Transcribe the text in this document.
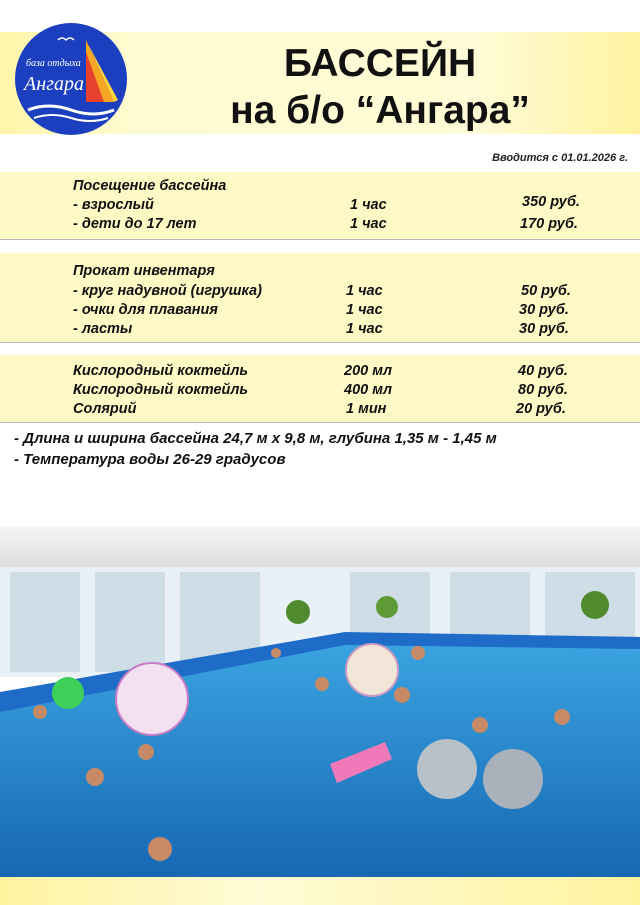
база отдыха
Ангара	БАССЕЙН
на б/о “Ангара”
Вводится с 01.01.2026 г.
Посещение бассейна
- взрослый	1 час	350 руб.
- дети до 17 лет	1 час	170 руб.
Прокат инвентаря
- круг надувной (игрушка)	1 час	50 руб.
- очки для плавания	1 час	30 руб.
- ласты	1 час	30 руб.
Кислородный коктейль	200 мл	40 руб.
Кислородный коктейль	400 мл	80 руб.
Солярий	1 мин	20 руб.
- Длина и ширина бассейна 24,7 м х 9,8 м, глубина 1,35 м - 1,45 м
- Температура воды 26-29 градусов
